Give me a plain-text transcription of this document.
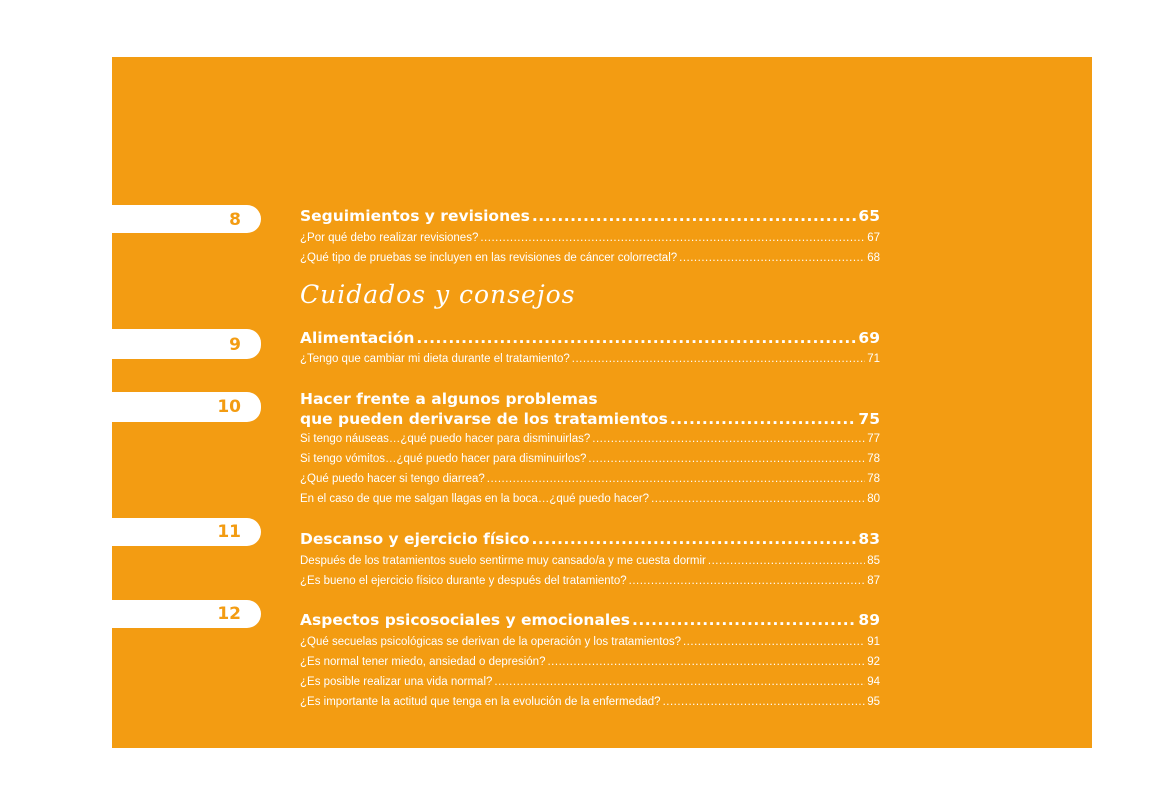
8
9
10
11
12
Cuidados y consejos
Seguimientos y revisiones .....	65
¿Por qué debo realizar revisiones? .....	67
¿Qué tipo de pruebas se incluyen en las revisiones de cáncer colorrectal? .....	68
Alimentación .....	69
¿Tengo que cambiar mi dieta durante el tratamiento? .....	71
Hacer frente a algunos problemas
que pueden derivarse de los tratamientos .....	75
Si tengo náuseas…¿qué puedo hacer para disminuirlas? .....	77
Si tengo vómitos…¿qué puedo hacer para disminuirlos? .....	78
¿Qué puedo hacer si tengo diarrea? .....	78
En el caso de que me salgan llagas en la boca…¿qué puedo hacer? .....	80
Descanso y ejercicio físico .....	83
Después de los tratamientos suelo sentirme muy cansado/a y me cuesta dormir .....	85
¿Es bueno el ejercicio físico durante y después del tratamiento? .....	87
Aspectos psicosociales y emocionales .....	89
¿Qué secuelas psicológicas se derivan de la operación y los tratamientos? .....	91
¿Es normal tener miedo, ansiedad o depresión? .....	92
¿Es posible realizar una vida normal? .....	94
¿Es importante la actitud que tenga en la evolución de la enfermedad? .....	95
